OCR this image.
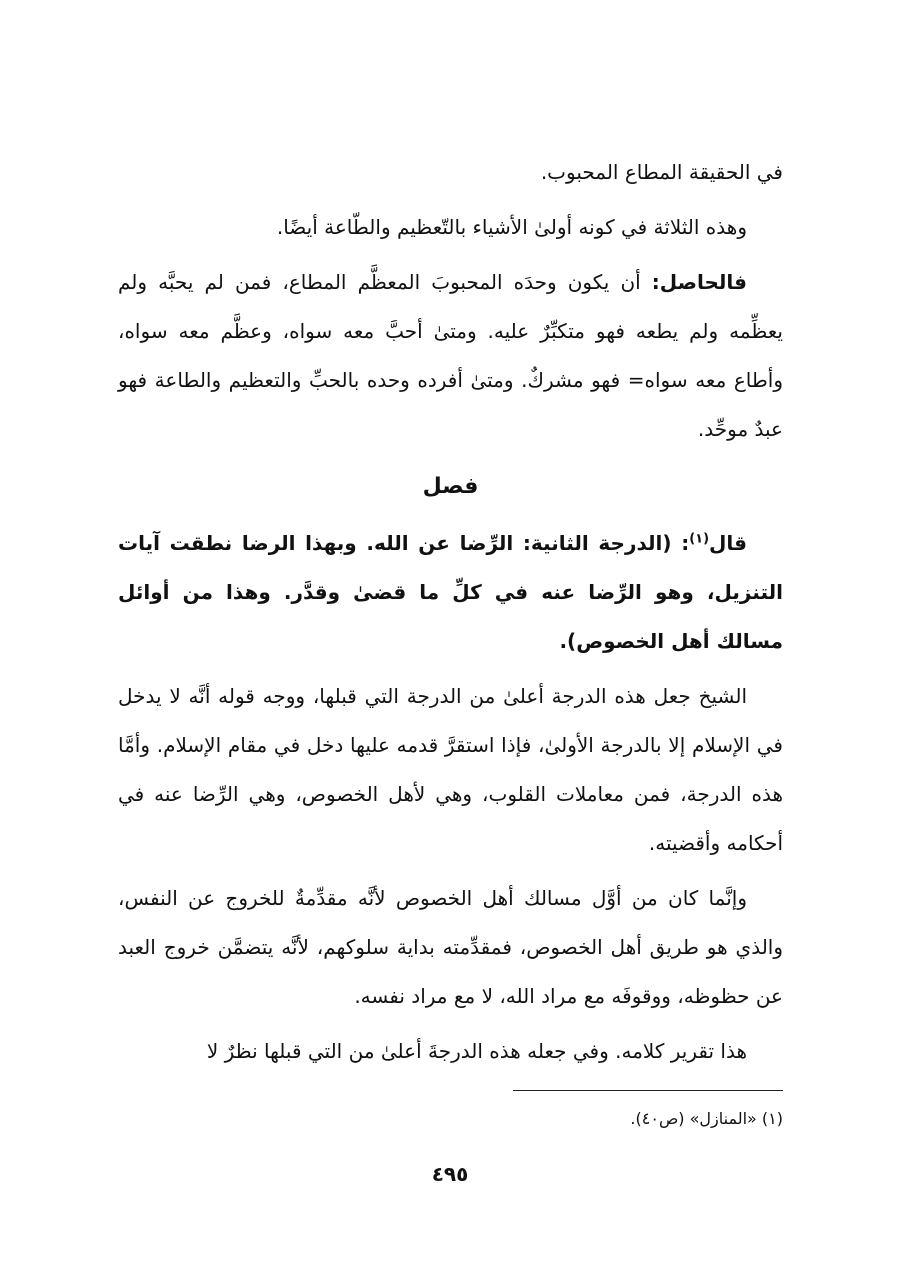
في الحقيقة المطاع المحبوب.

وهذه الثلاثة في كونه أولىٰ الأشياء بالتّعظيم والطّاعة أيضًا.

فالحاصل: أن يكون وحدَه المحبوبَ المعظَّم المطاع، فمن لم يحبَّه ولم يعظِّمه ولم يطعه فهو متكبِّرٌ عليه. ومتىٰ أحبَّ معه سواه، وعظَّم معه سواه، وأطاع معه سواه= فهو مشركٌ. ومتىٰ أفرده وحده بالحبِّ والتعظيم والطاعة فهو عبدٌ موحِّد.

فصل

قال$^{(١)}$: (الدرجة الثانية: الرِّضا عن الله. وبهذا الرضا نطقت آيات التنزيل، وهو الرِّضا عنه في كلِّ ما قضىٰ وقدَّر. وهذا من أوائل مسالك أهل الخصوص).

الشيخ جعل هذه الدرجة أعلىٰ من الدرجة التي قبلها، ووجه قوله أنَّه لا يدخل في الإسلام إلا بالدرجة الأولىٰ، فإذا استقرَّ قدمه عليها دخل في مقام الإسلام. وأمَّا هذه الدرجة، فمن معاملات القلوب، وهي لأهل الخصوص، وهي الرِّضا عنه في أحكامه وأقضيته.

وإنَّما كان من أوَّل مسالك أهل الخصوص لأنَّه مقدِّمةٌ للخروج عن النفس، والذي هو طريق أهل الخصوص، فمقدِّمته بداية سلوكهم، لأنَّه يتضمَّن خروج العبد عن حظوظه، ووقوفَه مع مراد الله، لا مع مراد نفسه.

هذا تقرير كلامه. وفي جعله هذه الدرجةَ أعلىٰ من التي قبلها نظرٌ لا

(١) «المنازل» (ص٤٠).
٤٩٥
